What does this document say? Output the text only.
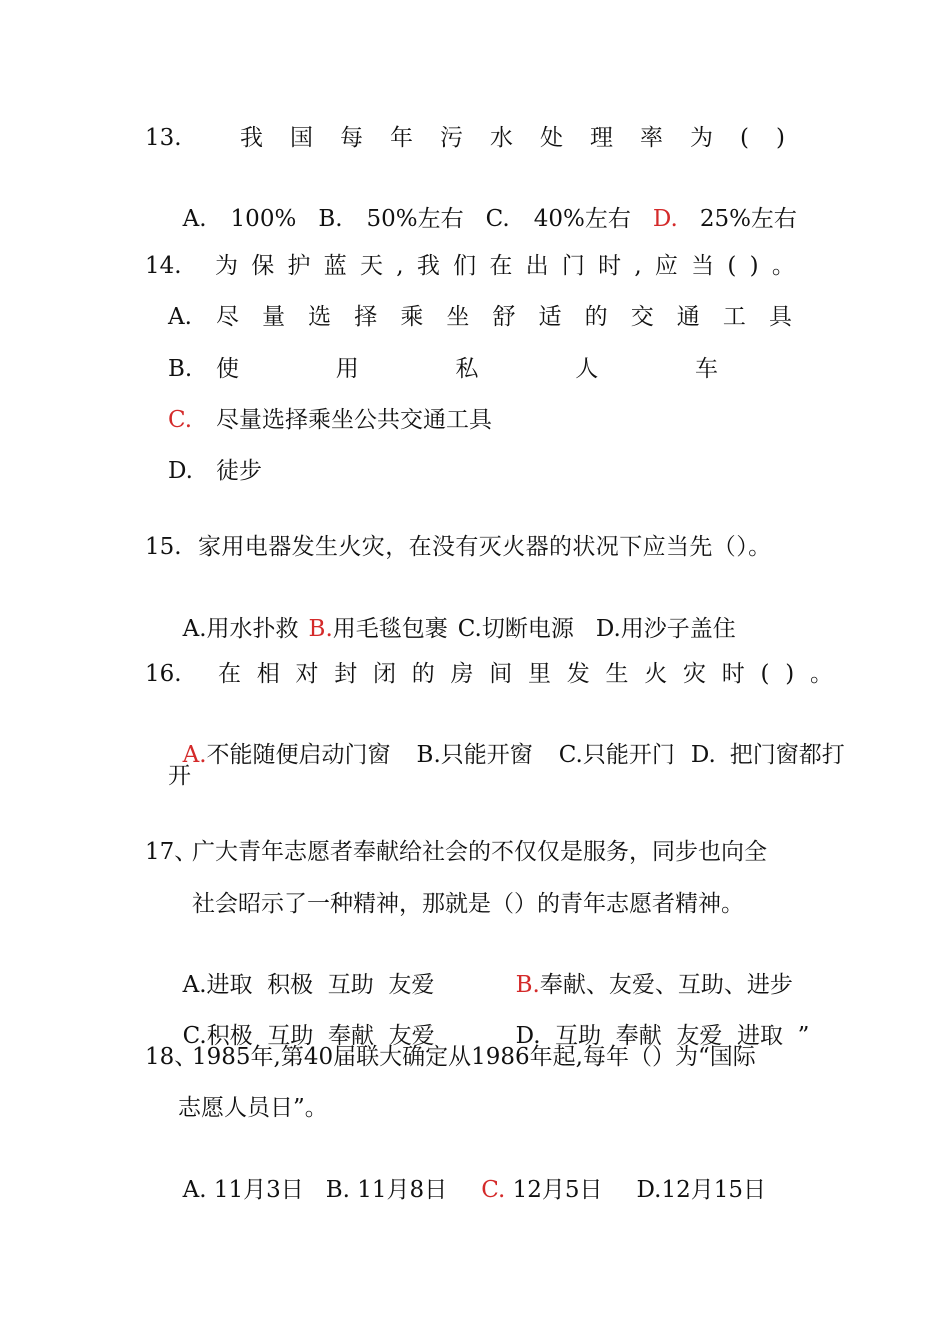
13.	我 国 每 年 污 水 处 理 率 为 ( )

A. 100% B. 50%左右 C. 40%左右 D. 25%左右

14. 为 保 护 蓝 天 , 我 们 在 出 门 时 , 应 当 ( ) 。
A. 尽 量 选 择 乘 坐 舒 适 的 交 通 工 具
B. 使	用	私	人	车
C. 尽量选择乘坐公共交通工具
D. 徒步
15. 家用电器发生火灾，在没有灭火器的状况下应当先（）。

A.用水扑救 B.用毛毯包裹 C.切断电源 D.用沙子盖住

16. 在 相 对 封 闭 的 房 间 里 发 生 火 灾 时 ( ) 。

A.不能随便启动门窗 B.只能开窗 C.只能开门 D. 把门窗都打

开
17、
广大青年志愿者奉献给社会的不仅仅是服务，同步也向全
社会昭示了一种精神，那就是（）的青年志愿者精神。

A.进取  积极  互助  友爱	B.奉献、友爱、互助、进步

C.积极  互助  奉献  友爱	D.  互助  奉献  友爱  进取  ”

18、
1985年,第40届联大确定从1986年起,每年（）为“国际
志愿人员日”。

A. 11月3日 B. 11月8日 C. 12月5日 D.12月15日
